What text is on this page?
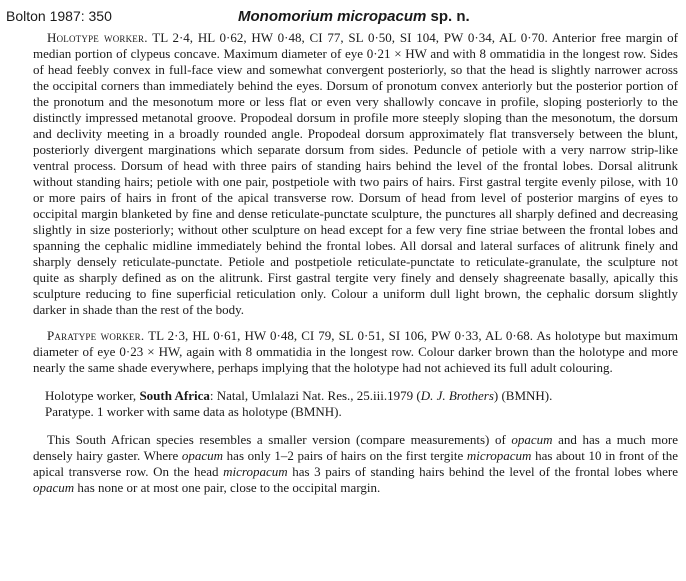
Bolton 1987: 350	Monomorium micropacum sp. n.

Holotype worker. TL 2·4, HL 0·62, HW 0·48, CI 77, SL 0·50, SI 104, PW 0·34, AL 0·70. Anterior free margin of median portion of clypeus concave. Maximum diameter of eye 0·21 × HW and with 8 ommatidia in the longest row. Sides of head feebly convex in full-face view and somewhat convergent posteriorly, so that the head is slightly narrower across the occipital corners than immediately behind the eyes. Dorsum of pronotum convex anteriorly but the posterior portion of the pronotum and the mesonotum more or less flat or even very shallowly concave in profile, sloping posteriorly to the distinctly impressed metanotal groove. Propodeal dorsum in profile more steeply sloping than the mesonotum, the dorsum and declivity meeting in a broadly rounded angle. Propodeal dorsum approximately flat transversely between the blunt, posteriorly divergent marginations which separate dorsum from sides. Peduncle of petiole with a very narrow strip-like ventral process. Dorsum of head with three pairs of standing hairs behind the level of the frontal lobes. Dorsal alitrunk without standing hairs; petiole with one pair, postpetiole with two pairs of hairs. First gastral tergite evenly pilose, with 10 or more pairs of hairs in front of the apical transverse row. Dorsum of head from level of posterior margins of eyes to occipital margin blanketed by fine and dense reticulate-punctate sculpture, the punctures all sharply defined and decreasing slightly in size posteriorly; without other sculpture on head except for a few very fine striae between the frontal lobes and spanning the cephalic midline immediately behind the frontal lobes. All dorsal and lateral surfaces of alitrunk finely and sharply densely reticulate-punctate. Petiole and postpetiole reticulate-punctate to reticulate-granulate, the sculpture not quite as sharply defined as on the alitrunk. First gastral tergite very finely and densely shagreenate basally, apically this sculpture reducing to fine superficial reticulation only. Colour a uniform dull light brown, the cephalic dorsum slightly darker in shade than the rest of the body.

Paratype worker. TL 2·3, HL 0·61, HW 0·48, CI 79, SL 0·51, SI 106, PW 0·33, AL 0·68. As holotype but maximum diameter of eye 0·23 × HW, again with 8 ommatidia in the longest row. Colour darker brown than the holotype and more nearly the same shade everywhere, perhaps implying that the holotype had not achieved its full adult colouring.

Holotype worker, South Africa: Natal, Umlalazi Nat. Res., 25.iii.1979 (D. J. Brothers) (BMNH).

Paratype. 1 worker with same data as holotype (BMNH).

This South African species resembles a smaller version (compare measurements) of opacum and has a much more densely hairy gaster. Where opacum has only 1–2 pairs of hairs on the first tergite micropacum has about 10 in front of the apical transverse row. On the head micropacum has 3 pairs of standing hairs behind the level of the frontal lobes where opacum has none or at most one pair, close to the occipital margin.
